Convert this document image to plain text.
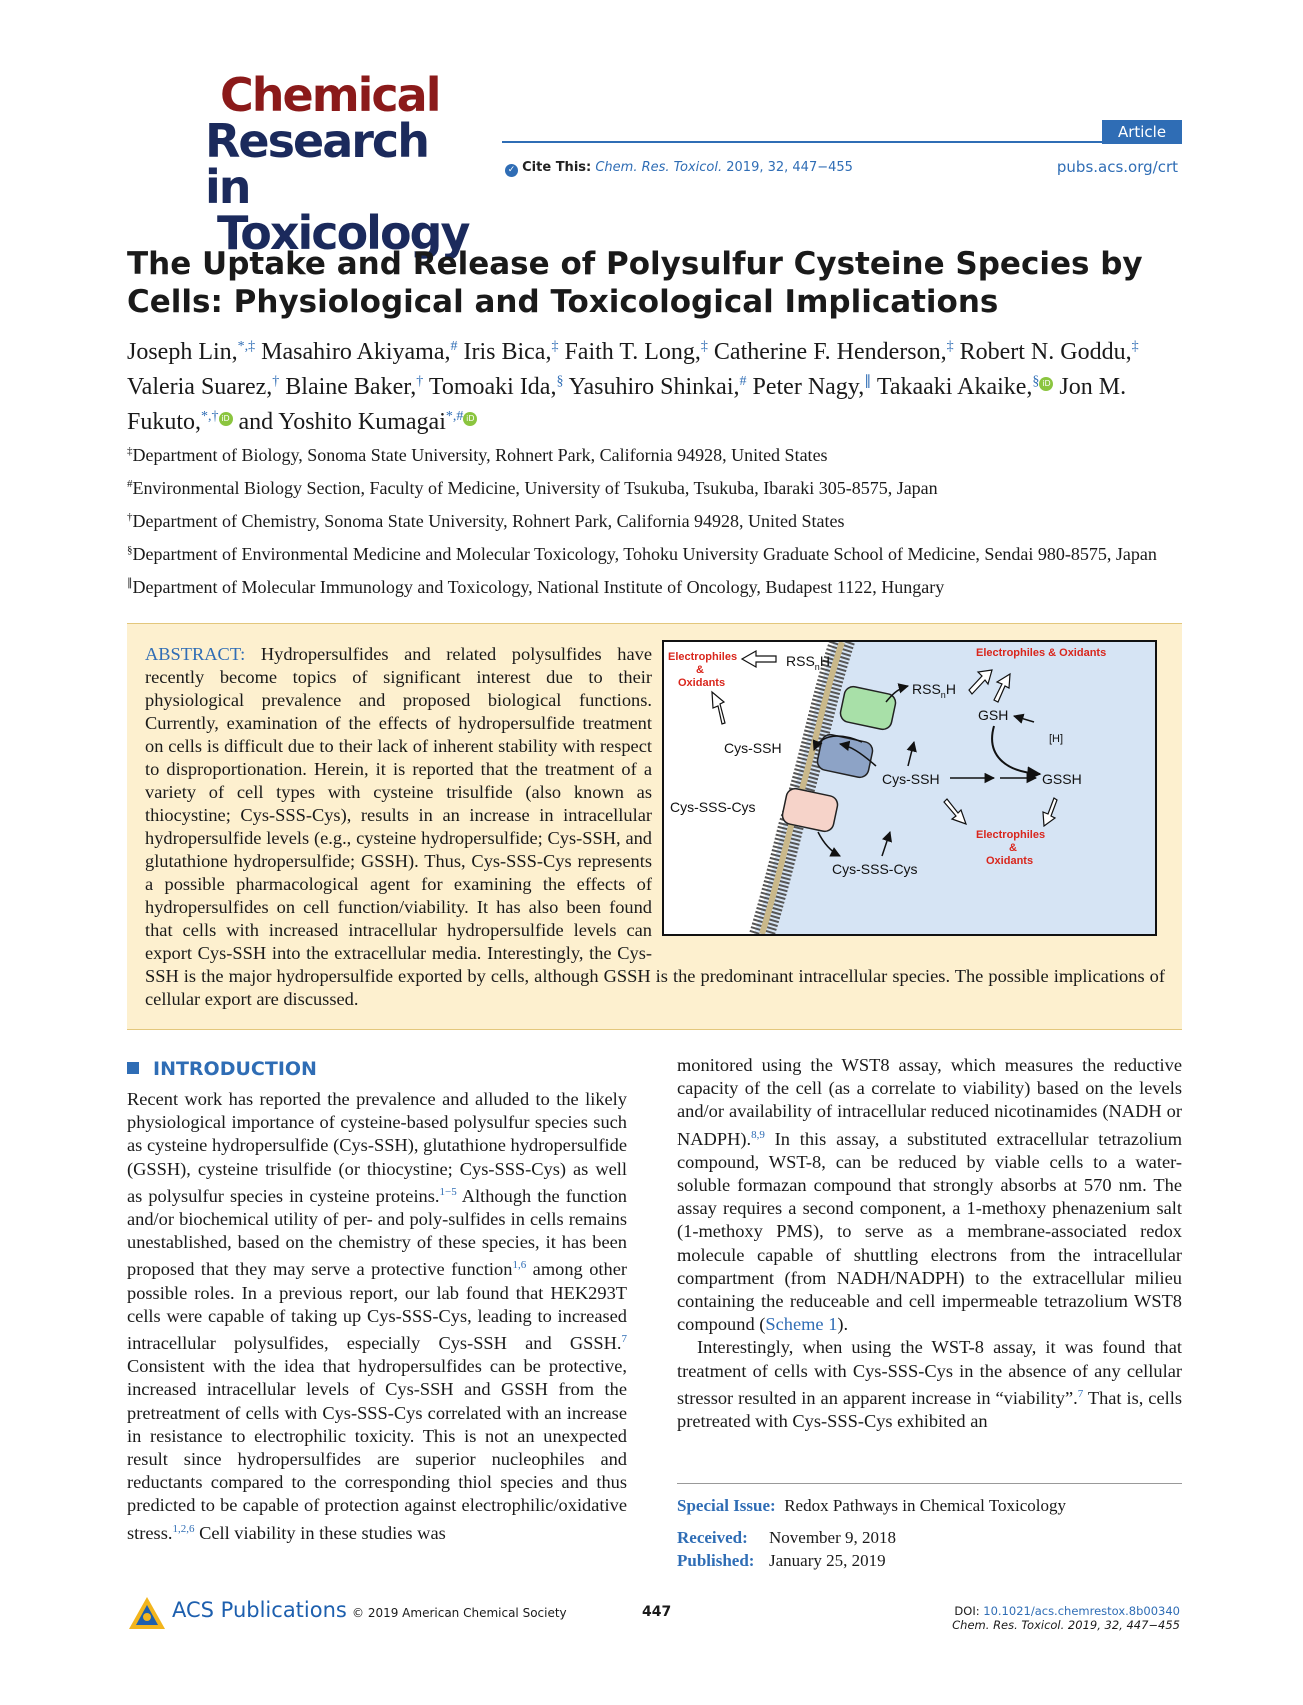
Chemical
Research in
Toxicology
Article
✓ Cite This: Chem. Res. Toxicol. 2019, 32, 447−455	pubs.acs.org/crt
The Uptake and Release of Polysulfur Cysteine Species by Cells: Physiological and Toxicological Implications
Joseph Lin,*,‡ Masahiro Akiyama,# Iris Bica,‡ Faith T. Long,‡ Catherine F. Henderson,‡ Robert N. Goddu,‡ Valeria Suarez,† Blaine Baker,† Tomoaki Ida,§ Yasuhiro Shinkai,# Peter Nagy,∥ Takaaki Akaike,§ iD Jon M. Fukuto,*,† iD and Yoshito Kumagai*,# iD
‡Department of Biology, Sonoma State University, Rohnert Park, California 94928, United States
#Environmental Biology Section, Faculty of Medicine, University of Tsukuba, Tsukuba, Ibaraki 305-8575, Japan
†Department of Chemistry, Sonoma State University, Rohnert Park, California 94928, United States
§Department of Environmental Medicine and Molecular Toxicology, Tohoku University Graduate School of Medicine, Sendai 980-8575, Japan
∥Department of Molecular Immunology and Toxicology, National Institute of Oncology, Budapest 1122, Hungary
Electrophiles
&
Oxidants
Electrophiles & Oxidants
Electrophiles
&
Oxidants
$RSS_nH$
$RSS_nH$
GSH
[H]
GSSH
Cys-SSH
Cys-SSH
Cys-SSS-Cys
Cys-SSS-Cys
ABSTRACT: Hydropersulfides and related polysulfides have recently become topics of significant interest due to their physiological prevalence and proposed biological functions. Currently, examination of the effects of hydropersulfide treatment on cells is difficult due to their lack of inherent stability with respect to disproportionation. Herein, it is reported that the treatment of a variety of cell types with cysteine trisulfide (also known as thiocystine; Cys-SSS-Cys), results in an increase in intracellular hydropersulfide levels (e.g., cysteine hydropersulfide; Cys-SSH, and glutathione hydropersulfide; GSSH). Thus, Cys-SSS-Cys represents a possible pharmacological agent for examining the effects of hydropersulfides on cell function/viability. It has also been found that cells with increased intracellular hydropersulfide levels can export Cys-SSH into the extracellular media. Interestingly, the Cys-SSH is the major hydropersulfide exported by cells, although GSSH is the predominant intracellular species. The possible implications of cellular export are discussed.
INTRODUCTION
Recent work has reported the prevalence and alluded to the likely physiological importance of cysteine-based polysulfur species such as cysteine hydropersulfide (Cys-SSH), glutathione hydropersulfide (GSSH), cysteine trisulfide (or thiocystine; Cys-SSS-Cys) as well as polysulfur species in cysteine proteins.$^{1-5}$ Although the function and/or biochemical utility of per- and poly-sulfides in cells remains unestablished, based on the chemistry of these species, it has been proposed that they may serve a protective function$^{1,6}$ among other possible roles. In a previous report, our lab found that HEK293T cells were capable of taking up Cys-SSS-Cys, leading to increased intracellular polysulfides, especially Cys-SSH and GSSH.$^7$ Consistent with the idea that hydropersulfides can be protective, increased intracellular levels of Cys-SSH and GSSH from the pretreatment of cells with Cys-SSS-Cys correlated with an increase in resistance to electrophilic toxicity. This is not an unexpected result since hydropersulfides are superior nucleophiles and reductants compared to the corresponding thiol species and thus predicted to be capable of protection against electrophilic/oxidative stress.$^{1,2,6}$ Cell viability in these studies was
monitored using the WST8 assay, which measures the reductive capacity of the cell (as a correlate to viability) based on the levels and/or availability of intracellular reduced nicotinamides (NADH or NADPH).$^{8,9}$ In this assay, a substituted extracellular tetrazolium compound, WST-8, can be reduced by viable cells to a water-soluble formazan compound that strongly absorbs at 570 nm. The assay requires a second component, a 1-methoxy phenazenium salt (1-methoxy PMS), to serve as a membrane-associated redox molecule capable of shuttling electrons from the intracellular compartment (from NADH/NADPH) to the extracellular milieu containing the reduceable and cell impermeable tetrazolium WST8 compound (Scheme 1).
Interestingly, when using the WST-8 assay, it was found that treatment of cells with Cys-SSS-Cys in the absence of any cellular stressor resulted in an apparent increase in “viability”.$^7$ That is, cells pretreated with Cys-SSS-Cys exhibited an
Special Issue: Redox Pathways in Chemical Toxicology
Received: November 9, 2018
Published: January 25, 2019
ACS Publications © 2019 American Chemical Society	447	DOI: 10.1021/acs.chemrestox.8b00340
Chem. Res. Toxicol. 2019, 32, 447−455
